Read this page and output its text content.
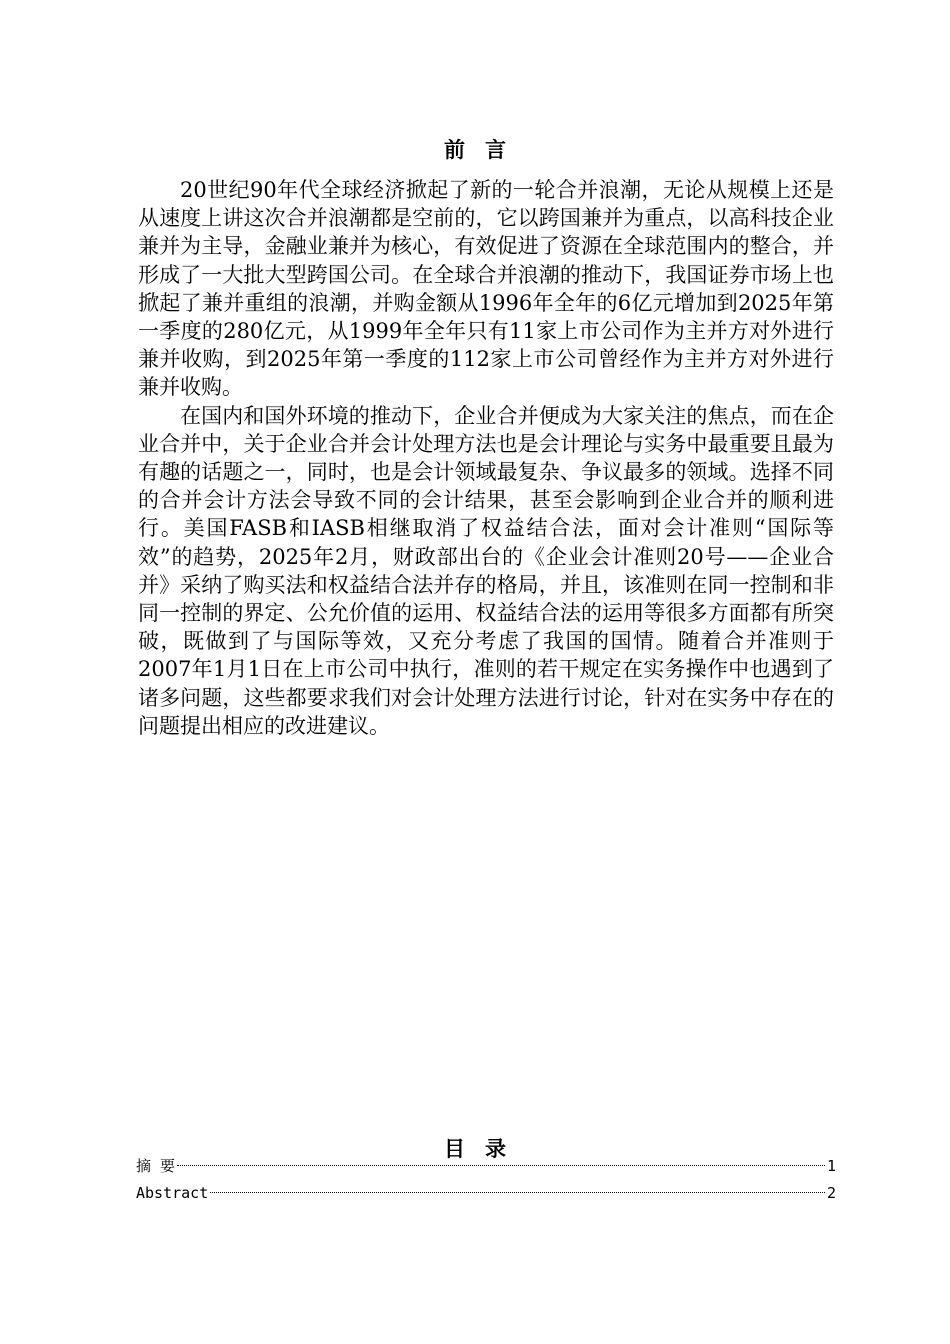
前言

20世纪90年代全球经济掀起了新的一轮合并浪潮，无论从规模上还是从速度上讲这次合并浪潮都是空前的，它以跨国兼并为重点，以高科技企业兼并为主导，金融业兼并为核心，有效促进了资源在全球范围内的整合，并形成了一大批大型跨国公司。在全球合并浪潮的推动下，我国证券市场上也掀起了兼并重组的浪潮，并购金额从1996年全年的6亿元增加到2025年第一季度的280亿元，从1999年全年只有11家上市公司作为主并方对外进行兼并收购，到2025年第一季度的112家上市公司曾经作为主并方对外进行兼并收购。

在国内和国外环境的推动下，企业合并便成为大家关注的焦点，而在企业合并中，关于企业合并会计处理方法也是会计理论与实务中最重要且最为有趣的话题之一，同时，也是会计领域最复杂、争议最多的领域。选择不同的合并会计方法会导致不同的会计结果，甚至会影响到企业合并的顺利进行。美国FASB和IASB相继取消了权益结合法，面对会计准则“国际等效”的趋势，2025年2月，财政部出台的《企业会计准则20号——企业合并》采纳了购买法和权益结合法并存的格局，并且，该准则在同一控制和非同一控制的界定、公允价值的运用、权益结合法的运用等很多方面都有所突破，既做到了与国际等效，又充分考虑了我国的国情。随着合并准则于2007年1月1日在上市公司中执行，准则的若干规定在实务操作中也遇到了诸多问题，这些都要求我们对会计处理方法进行讨论，针对在实务中存在的问题提出相应的改进建议。

目录
摘 要	1
Abstract	2
